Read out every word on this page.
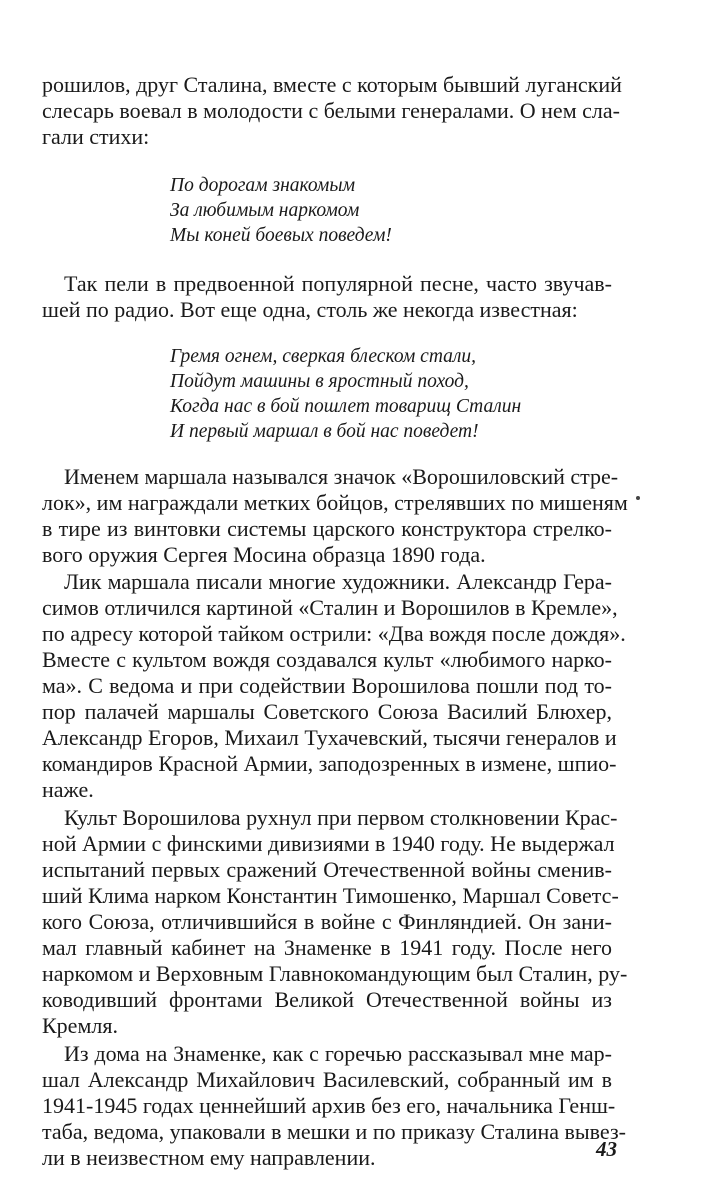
рошилов, друг Сталина, вместе с которым бывший луганский
слесарь воевал в молодости с белыми генералами. О нем сла-
гали стихи:
По дорогам знакомым
За любимым наркомом
Мы коней боевых поведем!
Так пели в предвоенной популярной песне, часто звучав-
шей по радио. Вот еще одна, столь же некогда известная:
Гремя огнем, сверкая блеском стали,
Пойдут машины в яростный поход,
Когда нас в бой пошлет товарищ Сталин
И первый маршал в бой нас поведет!
Именем маршала назывался значок «Ворошиловский стре-
лок», им награждали метких бойцов, стрелявших по мишеням
в тире из винтовки системы царского конструктора стрелко-
вого оружия Сергея Мосина образца 1890 года.
Лик маршала писали многие художники. Александр Гера-
симов отличился картиной «Сталин и Ворошилов в Кремле»,
по адресу которой тайком острили: «Два вождя после дождя».
Вместе с культом вождя создавался культ «любимого нарко-
ма». С ведома и при содействии Ворошилова пошли под то-
пор палачей маршалы Советского Союза Василий Блюхер,
Александр Егоров, Михаил Тухачевский, тысячи генералов и
командиров Красной Армии, заподозренных в измене, шпио-
наже.
Культ Ворошилова рухнул при первом столкновении Крас-
ной Армии с финскими дивизиями в 1940 году. Не выдержал
испытаний первых сражений Отечественной войны сменив-
ший Клима нарком Константин Тимошенко, Маршал Советс-
кого Союза, отличившийся в войне с Финляндией. Он зани-
мал главный кабинет на Знаменке в 1941 году. После него
наркомом и Верховным Главнокомандующим был Сталин, ру-
ководивший фронтами Великой Отечественной войны из
Кремля.
Из дома на Знаменке, как с горечью рассказывал мне мар-
шал Александр Михайлович Василевский, собранный им в
1941-1945 годах ценнейший архив без его, начальника Генш-
таба, ведома, упаковали в мешки и по приказу Сталина вывез-
ли в неизвестном ему направлении.	43
